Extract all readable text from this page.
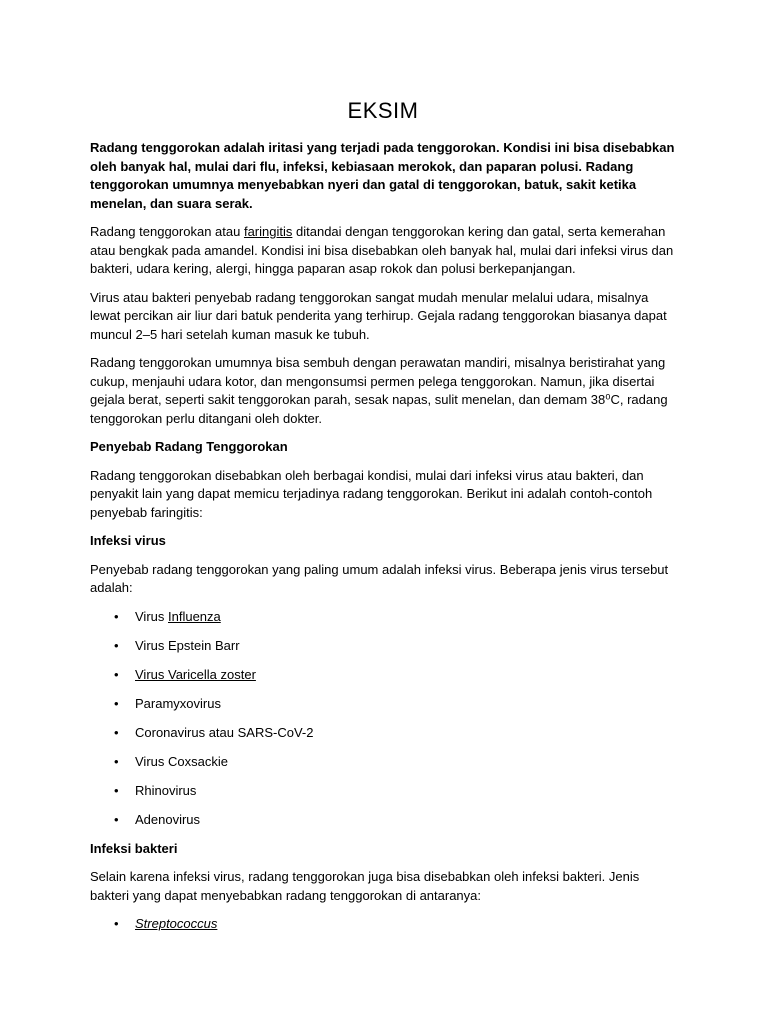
EKSIM

Radang tenggorokan adalah iritasi yang terjadi pada tenggorokan. Kondisi ini bisa disebabkan oleh banyak hal, mulai dari flu, infeksi, kebiasaan merokok, dan paparan polusi. Radang tenggorokan umumnya menyebabkan nyeri dan gatal di tenggorokan, batuk, sakit ketika menelan, dan suara serak.

Radang tenggorokan atau faringitis ditandai dengan tenggorokan kering dan gatal, serta kemerahan atau bengkak pada amandel. Kondisi ini bisa disebabkan oleh banyak hal, mulai dari infeksi virus dan bakteri, udara kering, alergi, hingga paparan asap rokok dan polusi berkepanjangan.

Virus atau bakteri penyebab radang tenggorokan sangat mudah menular melalui udara, misalnya lewat percikan air liur dari batuk penderita yang terhirup. Gejala radang tenggorokan biasanya dapat muncul 2–5 hari setelah kuman masuk ke tubuh.

Radang tenggorokan umumnya bisa sembuh dengan perawatan mandiri, misalnya beristirahat yang cukup, menjauhi udara kotor, dan mengonsumsi permen pelega tenggorokan. Namun, jika disertai gejala berat, seperti sakit tenggorokan parah, sesak napas, sulit menelan, dan demam 38⁰C, radang tenggorokan perlu ditangani oleh dokter.

Penyebab Radang Tenggorokan

Radang tenggorokan disebabkan oleh berbagai kondisi, mulai dari infeksi virus atau bakteri, dan penyakit lain yang dapat memicu terjadinya radang tenggorokan. Berikut ini adalah contoh-contoh penyebab faringitis:

Infeksi virus

Penyebab radang tenggorokan yang paling umum adalah infeksi virus. Beberapa jenis virus tersebut adalah:

• Virus Influenza
• Virus Epstein Barr
• Virus Varicella zoster
• Paramyxovirus
• Coronavirus atau SARS-CoV-2
• Virus Coxsackie
• Rhinovirus
• Adenovirus

Infeksi bakteri

Selain karena infeksi virus, radang tenggorokan juga bisa disebabkan oleh infeksi bakteri. Jenis bakteri yang dapat menyebabkan radang tenggorokan di antaranya:

• Streptococcus
